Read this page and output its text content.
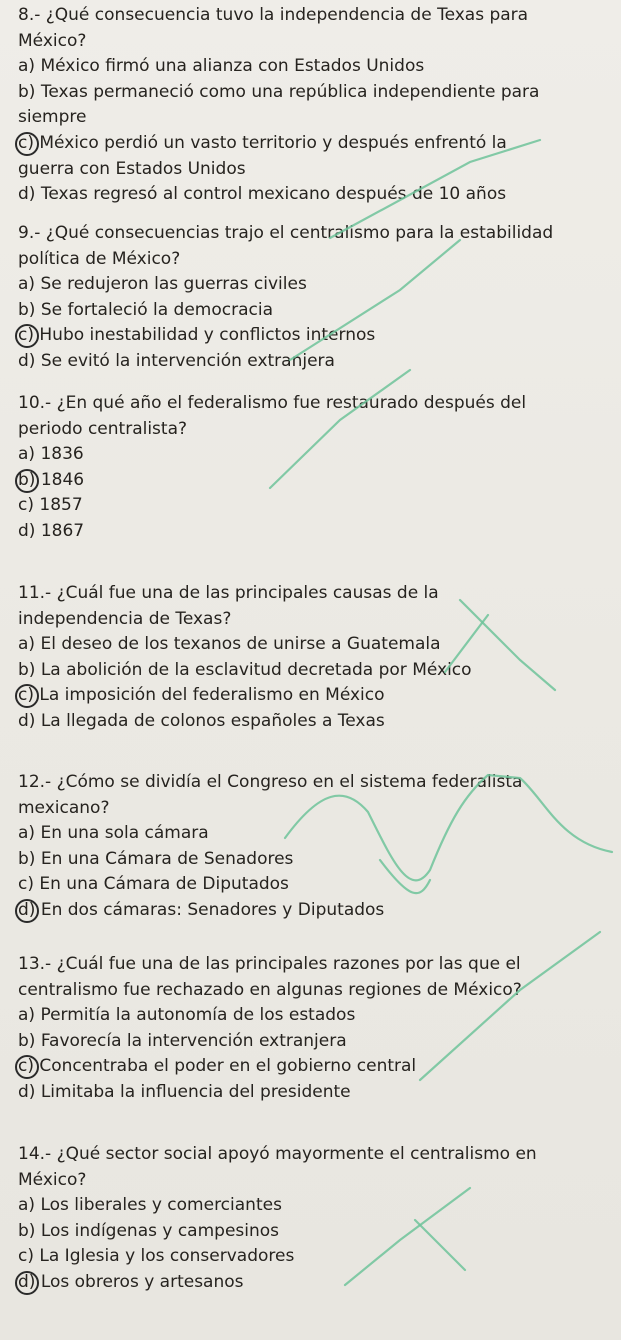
8.- ¿Qué consecuencia tuvo la independencia de Texas para
México?
a) México firmó una alianza con Estados Unidos
b) Texas permaneció como una república independiente para
siempre
c) México perdió un vasto territorio y después enfrentó la
guerra con Estados Unidos
d) Texas regresó al control mexicano después de 10 años
9.- ¿Qué consecuencias trajo el centralismo para la estabilidad
política de México?
a) Se redujeron las guerras civiles
b) Se fortaleció la democracia
c) Hubo inestabilidad y conflictos internos
d) Se evitó la intervención extranjera
10.- ¿En qué año el federalismo fue restaurado después del
periodo centralista?
a) 1836
b) 1846
c) 1857
d) 1867
11.- ¿Cuál fue una de las principales causas de la
independencia de Texas?
a) El deseo de los texanos de unirse a Guatemala
b) La abolición de la esclavitud decretada por México
c) La imposición del federalismo en México
d) La llegada de colonos españoles a Texas
12.- ¿Cómo se dividía el Congreso en el sistema federalista
mexicano?
a) En una sola cámara
b) En una Cámara de Senadores
c) En una Cámara de Diputados
d) En dos cámaras: Senadores y Diputados
13.- ¿Cuál fue una de las principales razones por las que el
centralismo fue rechazado en algunas regiones de México?
a) Permitía la autonomía de los estados
b) Favorecía la intervención extranjera
c) Concentraba el poder en el gobierno central
d) Limitaba la influencia del presidente
14.- ¿Qué sector social apoyó mayormente el centralismo en
México?
a) Los liberales y comerciantes
b) Los indígenas y campesinos
c) La Iglesia y los conservadores
d) Los obreros y artesanos
